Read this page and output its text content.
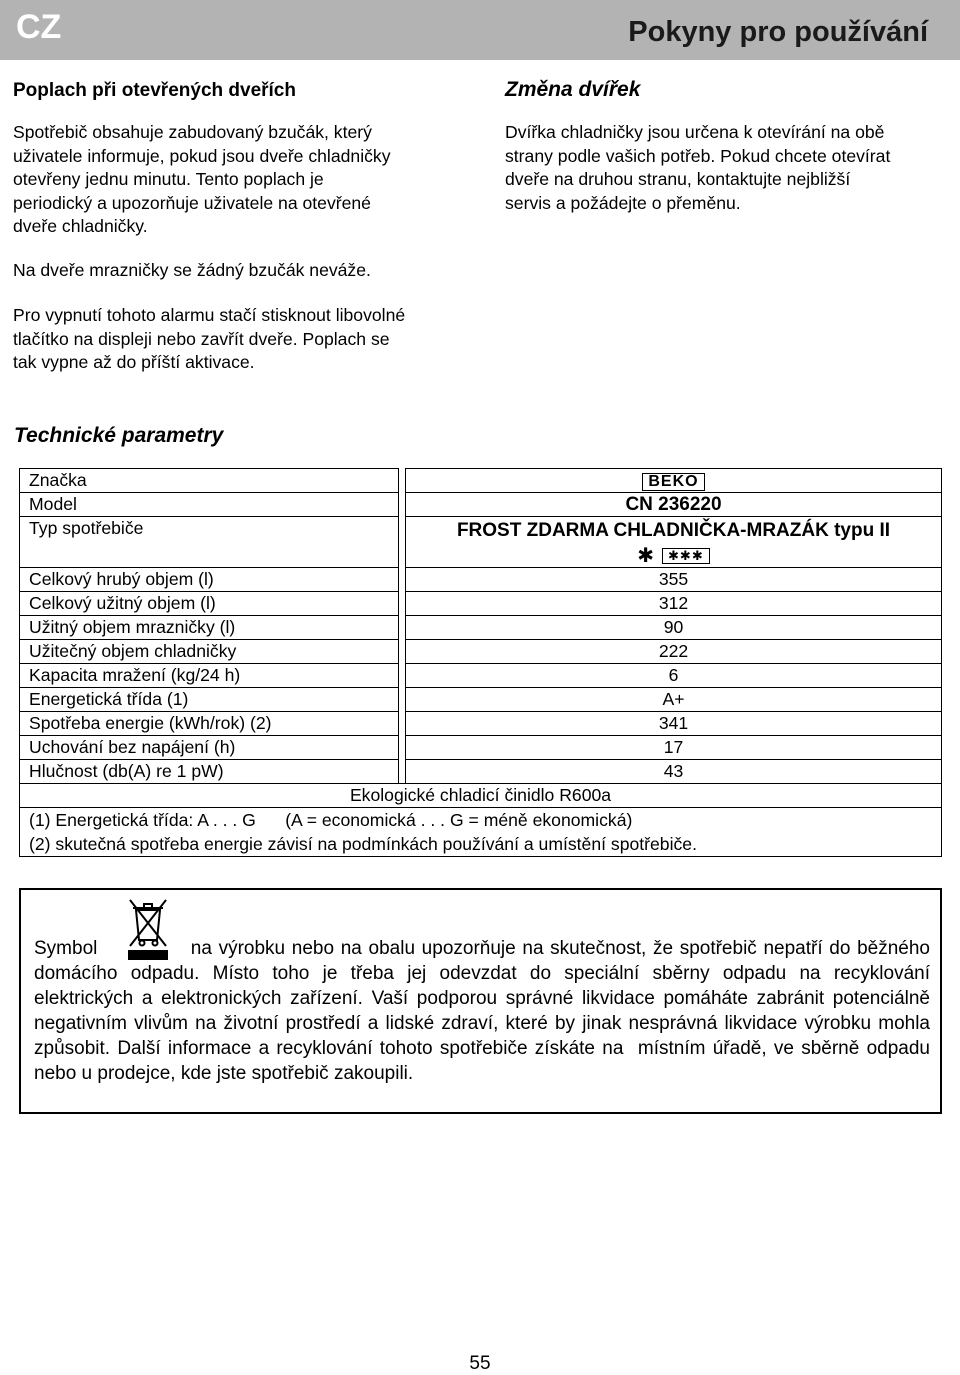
CZ	Pokyny pro používání
Poplach při otevřených dveřích
Spotřebič obsahuje zabudovaný bzučák, který
uživatele informuje, pokud jsou dveře chladničky
otevřeny jednu minutu. Tento poplach je
periodický a upozorňuje uživatele na otevřené
dveře chladničky.
Na dveře mrazničky se žádný bzučák neváže.
Pro vypnutí tohoto alarmu stačí stisknout libovolné
tlačítko na displeji nebo zavřít dveře. Poplach se
tak vypne až do příští aktivace.
Změna dvířek
Dvířka chladničky jsou určena k otevírání na obě
strany podle vašich potřeb. Pokud chcete otevírat
dveře na druhou stranu, kontaktujte nejbližší
servis a požádejte o přeměnu.
Technické parametry
Značka		BEKO
Model		CN 236220
Typ spotřebiče		FROST ZDARMA CHLADNIČKA-MRAZÁK typu II
✱ ✱✱✱

Celkový hrubý objem (l)		355
Celkový užitný objem (l)		312
Užitný objem mrazničky (l)		90
Užitečný objem chladničky		222
Kapacita mražení (kg/24 h)		6
Energetická třída (1)		A+
Spotřeba energie (kWh/rok) (2)		341
Uchování bez napájení (h)		17
Hlučnost (db(A) re 1 pW)		43
Ekologické chladicí činidlo R600a		

(1) Energetická třída: A . . . G      (A = economická . . . G = méně ekonomická)
(2) skutečná spotřeba energie závisí na podmínkách používání a umístění spotřebiče.		

Symbol              na výrobku nebo na obalu upozorňuje na skutečnost, že spotřebič nepatří do běžného domácího odpadu. Místo toho je třeba jej odevzdat do speciální sběrny odpadu na recyklování elektrických a elektronických zařízení. Vaší podporou správné likvidace pomáháte zabránit potenciálně negativním vlivům na životní prostředí a lidské zdraví, které by jinak nesprávná likvidace výrobku mohla způsobit. Další informace a recyklování tohoto spotřebiče získáte na  místním úřadě, ve sběrně odpadu nebo u prodejce, kde jste spotřebič zakoupili.

55
